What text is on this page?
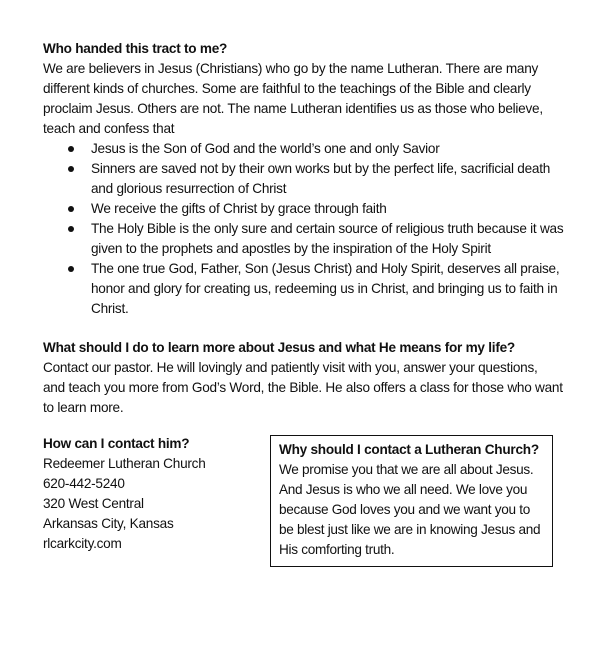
Who handed this tract to me?
We are believers in Jesus (Christians) who go by the name Lutheran. There are many
different kinds of churches. Some are faithful to the teachings of the Bible and clearly
proclaim Jesus. Others are not. The name Lutheran identifies us as those who believe,
teach and confess that
Jesus is the Son of God and the world’s one and only Savior
Sinners are saved not by their own works but by the perfect life, sacrificial death
and glorious resurrection of Christ
We receive the gifts of Christ by grace through faith
The Holy Bible is the only sure and certain source of religious truth because it was
given to the prophets and apostles by the inspiration of the Holy Spirit
The one true God, Father, Son (Jesus Christ) and Holy Spirit, deserves all praise,
honor and glory for creating us, redeeming us in Christ, and bringing us to faith in
Christ.
What should I do to learn more about Jesus and what He means for my life?
Contact our pastor. He will lovingly and patiently visit with you, answer your questions,
and teach you more from God’s Word, the Bible. He also offers a class for those who want
to learn more.
How can I contact him?
Redeemer Lutheran Church
620-442-5240
320 West Central
Arkansas City, Kansas
rlcarkcity.com
Why should I contact a Lutheran Church?
We promise you that we are all about Jesus.
And Jesus is who we all need. We love you
because God loves you and we want you to
be blest just like we are in knowing Jesus and
His comforting truth.
